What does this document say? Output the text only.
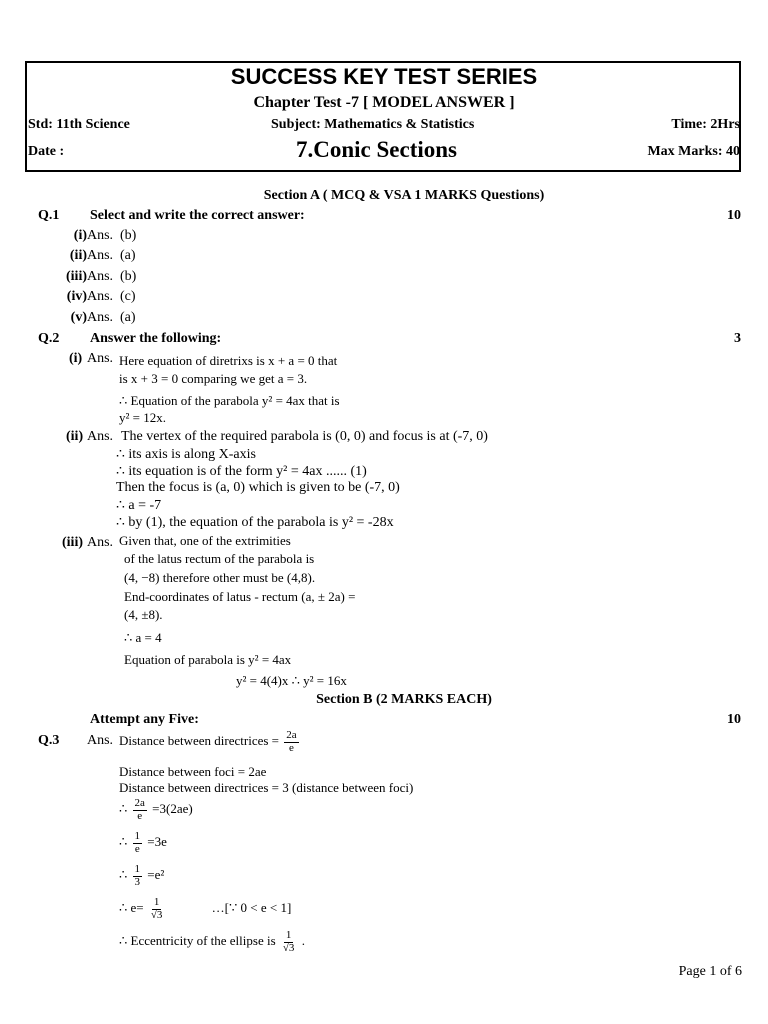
SUCCESS KEY TEST SERIES
Chapter Test -7 [ MODEL ANSWER ]
Std: 11th Science	Subject: Mathematics & Statistics	Time: 2Hrs
Date :	7.Conic Sections	Max Marks: 40
Section A ( MCQ & VSA 1 MARKS Questions)
Q.1 Select and write the correct answer:	10
(i) Ans. (b)
(ii) Ans. (a)
(iii) Ans. (b)
(iv) Ans. (c)
(v) Ans. (a)
Q.2 Answer the following:	3
(i) Ans. Here equation of diretrixs is x + a = 0 that
is x + 3 = 0 comparing we get a = 3.
∴ Equation of the parabola y² = 4ax that is
y² = 12x.
(ii) Ans. The vertex of the required parabola is (0, 0) and focus is at (-7, 0)
∴ its axis is along X-axis
∴ its equation is of the form y² = 4ax ...... (1)
Then the focus is (a, 0) which is given to be (-7, 0)
∴ a = -7
∴ by (1), the equation of the parabola is y² = -28x
(iii) Ans. Given that, one of the extrimities
of the latus rectum of the parabola is
(4, −8) therefore other must be (4,8).
End-coordinates of latus - rectum (a, ± 2a) =
(4, ±8).
∴ a = 4
Equation of parabola is y² = 4ax
y² = 4(4)x ∴ y² = 16x
Section B (2 MARKS EACH)
Attempt any Five:	10
Q.3 Ans. Distance between directrices = $\frac{2a}{e}$
Distance between foci = 2ae
Distance between directrices = 3 (distance between foci)
∴ $\frac{2a}{e} =3(2ae)$
∴ $\frac{1}{e} =3e$
∴ $\frac{1}{3} =e^2$
∴ $e= \frac{1}{√3}$	…[∵ 0 < e < 1]
∴ Eccentricity of the ellipse is $\frac{1}{√3}$ .
Page 1 of 6
